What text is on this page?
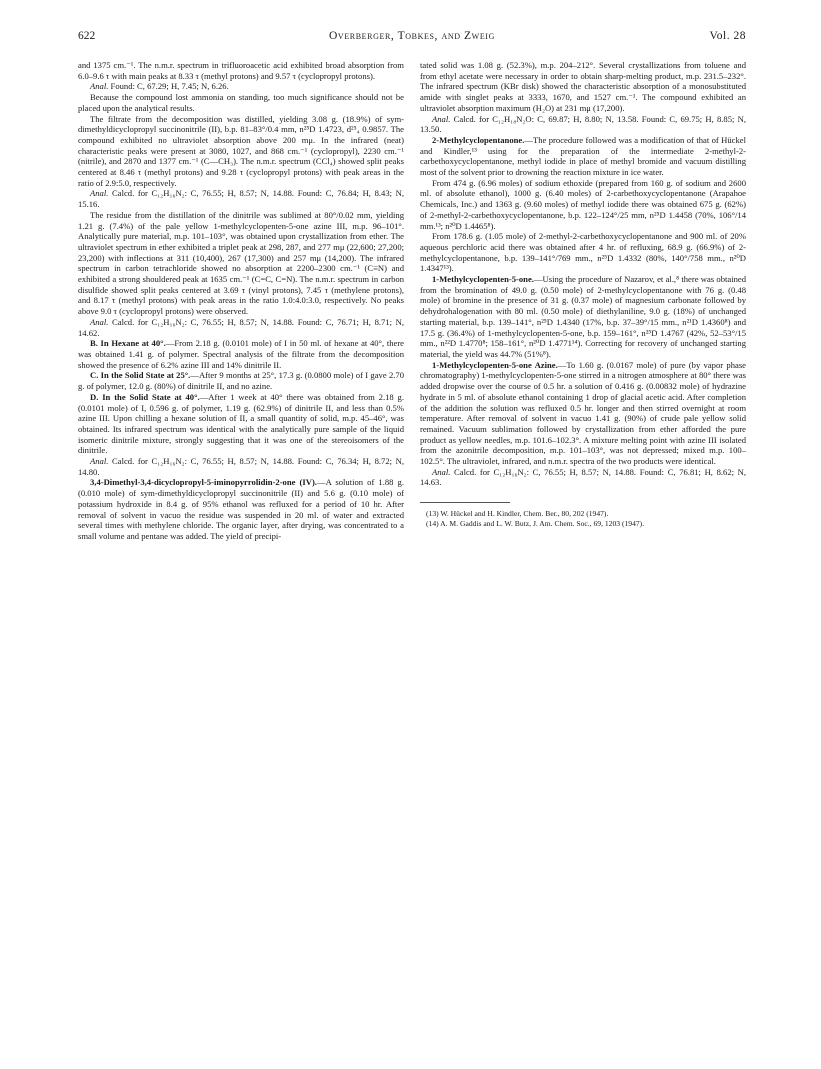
622	Overberger, Tobkes, and Zweig	Vol. 28

and 1375 cm.⁻¹. The n.m.r. spectrum in trifluoroacetic acid exhibited broad absorption from 6.0–9.6 τ with main peaks at 8.33 τ (methyl protons) and 9.57 τ (cyclopropyl protons).

Anal. Found: C, 67.29; H, 7.45; N, 6.26.

Because the compound lost ammonia on standing, too much significance should not be placed upon the analytical results.

The filtrate from the decomposition was distilled, yielding 3.08 g. (18.9%) of sym-dimethyldicyclopropyl succinonitrile (II), b.p. 81–83°/0.4 mm, n²⁵D 1.4723, d²⁵₄ 0.9857. The compound exhibited no ultraviolet absorption above 200 mμ. In the infrared (neat) characteristic peaks were present at 3080, 1027, and 868 cm.⁻¹ (cyclopropyl), 2230 cm.⁻¹ (nitrile), and 2870 and 1377 cm.⁻¹ (C—CH₃). The n.m.r. spectrum (CCl₄) showed split peaks centered at 8.46 τ (methyl protons) and 9.28 τ (cyclopropyl protons) with peak areas in the ratio of 2.9:5.0, respectively.

Anal. Calcd. for C₁₂H₁₆N₂: C, 76.55; H, 8.57; N, 14.88. Found: C, 76.84; H, 8.43; N, 15.16.

The residue from the distillation of the dinitrile was sublimed at 80°/0.02 mm, yielding 1.21 g. (7.4%) of the pale yellow 1-methylcyclopenten-5-one azine III, m.p. 96–101°. Analytically pure material, m.p. 101–103°, was obtained upon crystallization from ether. The ultraviolet spectrum in ether exhibited a triplet peak at 298, 287, and 277 mμ (22,600; 27,200; 23,200) with inflections at 311 (10,400), 267 (17,300) and 257 mμ (14,200). The infrared spectrum in carbon tetrachloride showed no absorption at 2200–2300 cm.⁻¹ (C≡N) and exhibited a strong shouldered peak at 1635 cm.⁻¹ (C=C, C=N). The n.m.r. spectrum in carbon disulfide showed split peaks centered at 3.69 τ (vinyl protons), 7.45 τ (methylene protons), and 8.17 τ (methyl protons) with peak areas in the ratio 1.0:4.0:3.0, respectively. No peaks above 9.0 τ (cyclopropyl protons) were observed.

Anal. Calcd. for C₁₂H₁₆N₂: C, 76.55; H, 8.57; N, 14.88. Found: C, 76.71; H, 8.71; N, 14.62.

B. In Hexane at 40°.—From 2.18 g. (0.0101 mole) of I in 50 ml. of hexane at 40°, there was obtained 1.41 g. of polymer. Spectral analysis of the filtrate from the decomposition showed the presence of 6.2% azine III and 14% dinitrile II.

C. In the Solid State at 25°.—After 9 months at 25°, 17.3 g. (0.0800 mole) of I gave 2.70 g. of polymer, 12.0 g. (80%) of dinitrile II, and no azine.

D. In the Solid State at 40°.—After 1 week at 40° there was obtained from 2.18 g. (0.0101 mole) of I, 0.596 g. of polymer, 1.19 g. (62.9%) of dinitrile II, and less than 0.5% azine III. Upon chilling a hexane solution of II, a small quantity of solid, m.p. 45–46°, was obtained. Its infrared spectrum was identical with the analytically pure sample of the liquid isomeric dinitrile mixture, strongly suggesting that it was one of the stereoisomers of the dinitrile.

Anal. Calcd. for C₁₂H₁₆N₂: C, 76.55; H, 8.57; N, 14.88. Found: C, 76.34; H, 8.72; N, 14.80.

3,4-Dimethyl-3,4-dicyclopropyl-5-iminopyrrolidin-2-one (IV).—A solution of 1.88 g. (0.010 mole) of sym-dimethyldicyclopropyl succinonitrile (II) and 5.6 g. (0.10 mole) of potassium hydroxide in 8.4 g. of 95% ethanol was refluxed for a period of 10 hr. After removal of solvent in vacuo the residue was suspended in 20 ml. of water and extracted several times with methylene chloride. The organic layer, after drying, was concentrated to a small volume and pentane was added. The yield of precipi-

tated solid was 1.08 g. (52.3%), m.p. 204–212°. Several crystallizations from toluene and from ethyl acetate were necessary in order to obtain sharp-melting product, m.p. 231.5–232°. The infrared spectrum (KBr disk) showed the characteristic absorption of a monosubstituted amide with singlet peaks at 3333, 1670, and 1527 cm.⁻¹. The compound exhibited an ultraviolet absorption maximum (H₂O) at 231 mμ (17,200).

Anal. Calcd. for C₁₂H₁₈N₂O: C, 69.87; H, 8.80; N, 13.58. Found: C, 69.75; H, 8.85; N, 13.50.

2-Methylcyclopentanone.—The procedure followed was a modification of that of Hückel and Kindler,¹³ using for the preparation of the intermediate 2-methyl-2-carbethoxycyclopentanone, methyl iodide in place of methyl bromide and vacuum distilling most of the solvent prior to drowning the reaction mixture in ice water.

From 474 g. (6.96 moles) of sodium ethoxide (prepared from 160 g. of sodium and 2600 ml. of absolute ethanol), 1000 g. (6.40 moles) of 2-carbethoxycyclopentanone (Arapahoe Chemicals, Inc.) and 1363 g. (9.60 moles) of methyl iodide there was obtained 675 g. (62%) of 2-methyl-2-carbethoxycyclopentanone, b.p. 122–124°/25 mm, n²⁵D 1.4458 (70%, 106°/14 mm.¹³; n²⁰D 1.4465⁸).

From 178.6 g. (1.05 mole) of 2-methyl-2-carbethoxycyclopentanone and 900 ml. of 20% aqueous perchloric acid there was obtained after 4 hr. of refluxing, 68.9 g. (66.9%) of 2-methylcyclopentanone, b.p. 139–141°/769 mm., n²⁵D 1.4332 (80%, 140°/758 mm., n²⁰D 1.4347¹³).

1-Methylcyclopenten-5-one.—Using the procedure of Nazarov, et al.,⁸ there was obtained from the bromination of 49.0 g. (0.50 mole) of 2-methylcyclopentanone with 76 g. (0.48 mole) of bromine in the presence of 31 g. (0.37 mole) of magnesium carbonate followed by dehydrohalogenation with 80 ml. (0.50 mole) of diethylaniline, 9.0 g. (18%) of unchanged starting material, b.p. 139–141°, n²⁵D 1.4340 (17%, b.p. 37–39°/15 mm., n²¹D 1.4360⁸) and 17.5 g. (36.4%) of 1-methylcyclopenten-5-one, b.p. 159–161°, n²⁵D 1.4767 (42%, 52–53°/15 mm., n²²D 1.4770⁸; 158–161°, n²⁰D 1.4771¹⁴). Correcting for recovery of unchanged starting material, the yield was 44.7% (51%⁸).

1-Methylcyclopenten-5-one Azine.—To 1.60 g. (0.0167 mole) of pure (by vapor phase chromatography) 1-methylcyclopenten-5-one stirred in a nitrogen atmosphere at 80° there was added dropwise over the course of 0.5 hr. a solution of 0.416 g. (0.00832 mole) of hydrazine hydrate in 5 ml. of absolute ethanol containing 1 drop of glacial acetic acid. After completion of the addition the solution was refluxed 0.5 hr. longer and then stirred overnight at room temperature. After removal of solvent in vacuo 1.41 g. (90%) of crude pale yellow solid remained. Vacuum sublimation followed by crystallization from ether afforded the pure product as yellow needles, m.p. 101.6–102.3°. A mixture melting point with azine III isolated from the azonitrile decomposition, m.p. 101–103°, was not depressed; mixed m.p. 100–102.5°. The ultraviolet, infrared, and n.m.r. spectra of the two products were identical.

Anal. Calcd. for C₁₂H₁₆N₂: C, 76.55; H, 8.57; N, 14.88. Found: C, 76.81; H, 8.62; N, 14.63.

(13) W. Hückel and H. Kindler, Chem. Ber., 80, 202 (1947).
(14) A. M. Gaddis and L. W. Butz, J. Am. Chem. Soc., 69, 1203 (1947).
